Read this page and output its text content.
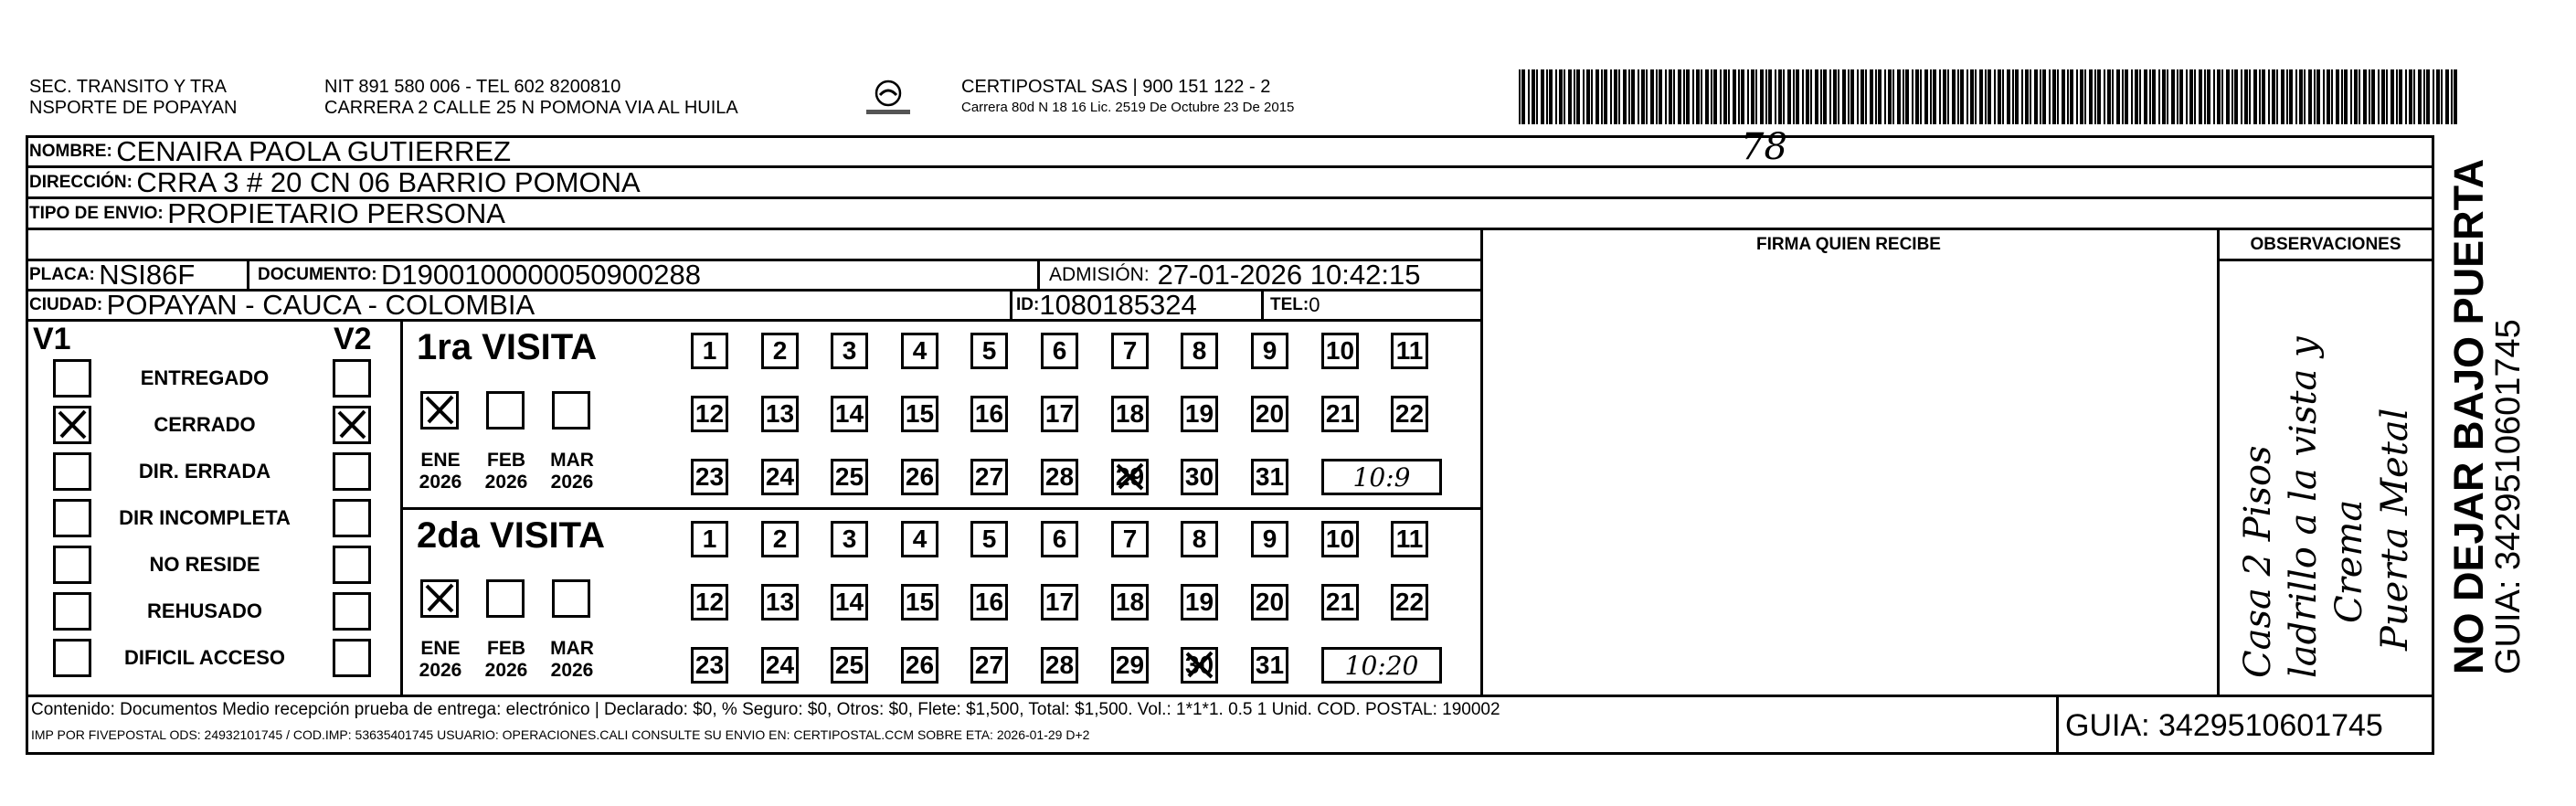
SEC. TRANSITO Y TRA
NSPORTE DE POPAYAN
NIT 891 580 006 - TEL 602 8200810
CARRERA 2 CALLE 25 N POMONA VIA AL HUILA
CERTIPOSTAL SAS | 900 151 122 - 2
Carrera 80d N 18 16 Lic. 2519 De Octubre 23 De 2015
NOMBRE:
CENAIRA PAOLA GUTIERREZ	78
DIRECCIÓN:
CRRA 3 # 20 CN 06 BARRIO POMONA
TIPO DE ENVIO:
PROPIETARIO PERSONA
FIRMA QUIEN RECIBE	OBSERVACIONES
PLACA:
NSI86F	DOCUMENTO:
D1900100000050900288	ADMISIÓN:
27-01-2026 10:42:15
CIUDAD:
POPAYAN - CAUCA - COLOMBIA	ID: 1080185324	TEL: 0
V1	V2
ENTREGADO
CERRADO
DIR. ERRADA
DIR INCOMPLETA
NO RESIDE
REHUSADO
DIFICIL ACCESO
1ra VISITA
ENE
2026
FEB
2026
MAR
2026
1	2	3	4	5	6	7	8	9	10 11
12 13 14 15 16 17 18 19 20 21 22
23 24 25 26 27 28 29 30 31	10:9
2da VISITA
ENE
2026
FEB
2026
MAR
2026
1	2	3	4	5	6	7	8	9	10 11
12 13 14 15 16 17 18 19 20 21 22
23 24 25 26 27 28 29 30 31	10:20	Casa 2 Pisos ladrillo a la vista y Crema Puerta Metal NO DEJAR BAJO PUERTA
GUIA: 3429510601745
Contenido: Documentos Medio recepción prueba de entrega: electrónico | Declarado: $0, % Seguro: $0, Otros: $0, Flete: $1,500, Total: $1,500. Vol.: 1*1*1. 0.5 1 Unid. COD. POSTAL: 190002
IMP POR FIVEPOSTAL ODS: 24932101745 / COD.IMP: 53635401745 USUARIO: OPERACIONES.CALI CONSULTE SU ENVIO EN: CERTIPOSTAL.CCM SOBRE ETA: 2026-01-29 D+2	GUIA: 3429510601745
